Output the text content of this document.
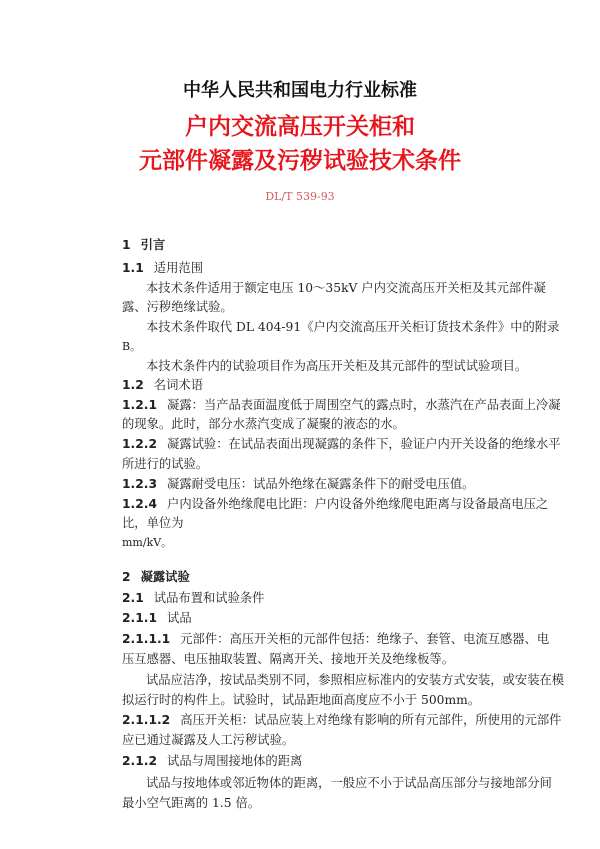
中华人民共和国电力行业标准
户内交流高压开关柜和
元部件凝露及污秽试验技术条件
DL/T 539-93
1 引言
1.1 适用范围
本技术条件适用于额定电压 10～35kV 户内交流高压开关柜及其元部件凝
露、污秽绝缘试验。
本技术条件取代 DL 404-91《户内交流高压开关柜订货技术条件》中的附录
B。
本技术条件内的试验项目作为高压开关柜及其元部件的型试试验项目。
1.2 名词术语
1.2.1 凝露：当产品表面温度低于周围空气的露点时，水蒸汽在产品表面上冷凝
的现象。此时，部分水蒸汽变成了凝聚的液态的水。
1.2.2 凝露试验：在试品表面出现凝露的条件下，验证户内开关设备的绝缘水平
所进行的试验。
1.2.3 凝露耐受电压：试品外绝缘在凝露条件下的耐受电压值。
1.2.4 户内设备外绝缘爬电比距：户内设备外绝缘爬电距离与设备最高电压之
比，单位为
mm/kV。
2 凝露试验
2.1 试品布置和试验条件
2.1.1 试品
2.1.1.1 元部件：高压开关柜的元部件包括：绝缘子、套管、电流互感器、电
压互感器、电压抽取装置、隔离开关、接地开关及绝缘板等。
试品应洁净，按试品类别不同，参照相应标准内的安装方式安装，或安装在模
拟运行时的构件上。试验时，试品距地面高度应不小于 500mm。
2.1.1.2 高压开关柜：试品应装上对绝缘有影响的所有元部件，所使用的元部件
应已通过凝露及人工污秽试验。
2.1.2 试品与周围接地体的距离
试品与按地体或邻近物体的距离，一般应不小于试品高压部分与接地部分间
最小空气距离的 1.5 倍。
